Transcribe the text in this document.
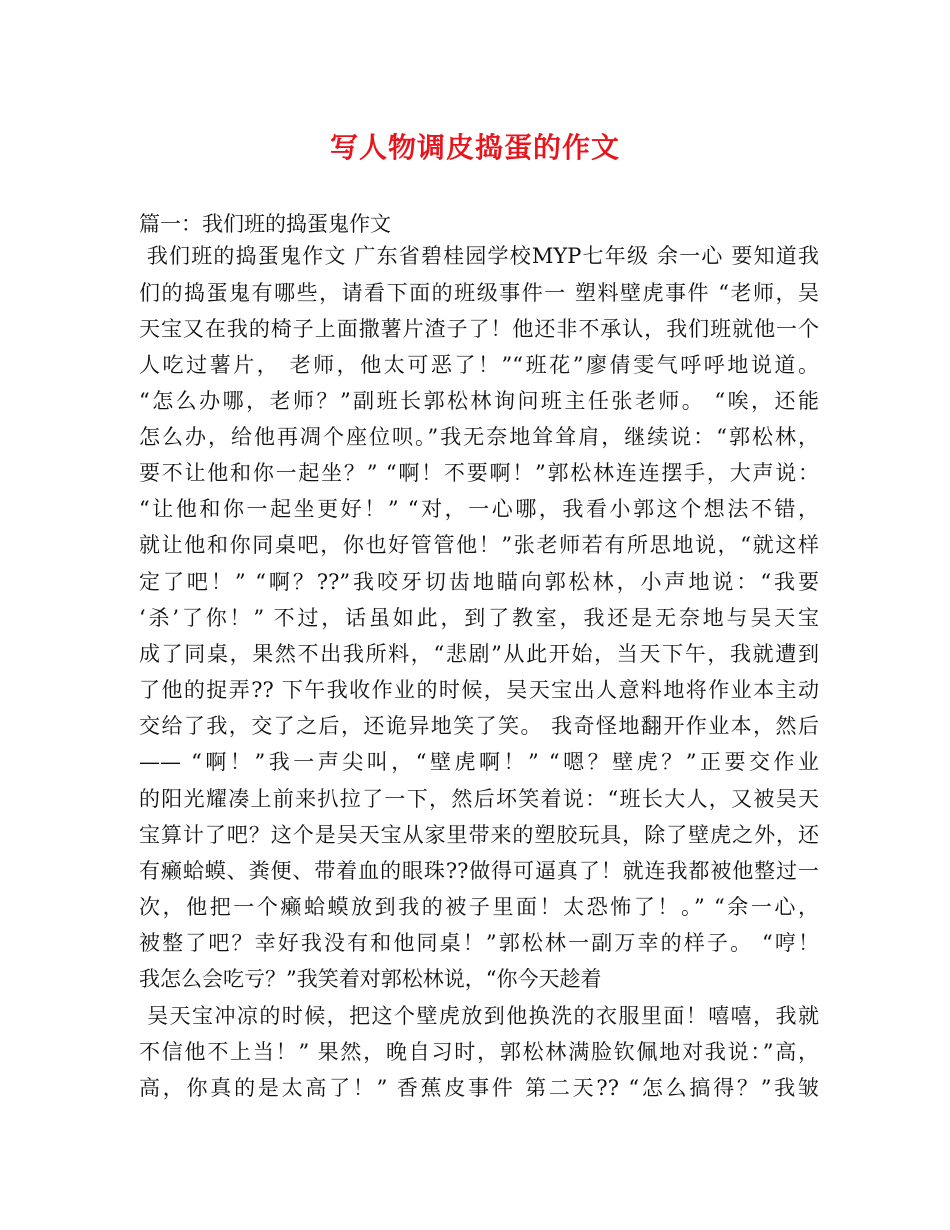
写人物调皮捣蛋的作文
篇一：我们班的捣蛋鬼作文
我们班的捣蛋鬼作文 广东省碧桂园学校MYP七年级 余一心 要知道我
们的捣蛋鬼有哪些，请看下面的班级事件一 塑料壁虎事件 “老师，吴
天宝又在我的椅子上面撒薯片渣子了！他还非不承认，我们班就他一个
人吃过薯片， 老师，他太可恶了！”“班花”廖倩雯气呼呼地说道。
“怎么办哪，老师？”副班长郭松林询问班主任张老师。 “唉，还能
怎么办，给他再凋个座位呗。”我无奈地耸耸肩，继续说：“郭松林，
要不让他和你一起坐？” “啊！不要啊！”郭松林连连摆手，大声说：
“让他和你一起坐更好！” “对，一心哪，我看小郭这个想法不错，
就让他和你同桌吧，你也好管管他！”张老师若有所思地说，“就这样
定了吧！” “啊？??”我咬牙切齿地瞄向郭松林，小声地说：“我要
‘杀’了你！” 不过，话虽如此，到了教室，我还是无奈地与吴天宝
成了同桌，果然不出我所料，“悲剧”从此开始，当天下午，我就遭到
了他的捉弄?? 下午我收作业的时候，吴天宝出人意料地将作业本主动
交给了我，交了之后，还诡异地笑了笑。 我奇怪地翻开作业本，然后
—— “啊！”我一声尖叫，“壁虎啊！” “嗯？壁虎？”正要交作业
的阳光耀凑上前来扒拉了一下，然后坏笑着说：“班长大人，又被吴天
宝算计了吧？这个是吴天宝从家里带来的塑胶玩具，除了壁虎之外，还
有癞蛤蟆、粪便、带着血的眼珠??做得可逼真了！就连我都被他整过一
次，他把一个癞蛤蟆放到我的被子里面！太恐怖了！。” “余一心，
被整了吧？幸好我没有和他同桌！”郭松林一副万幸的样子。 “哼！
我怎么会吃亏？”我笑着对郭松林说，“你今天趁着
吴天宝冲凉的时候，把这个壁虎放到他换洗的衣服里面！嘻嘻，我就
不信他不上当！” 果然，晚自习时，郭松林满脸钦佩地对我说：”高，
高，你真的是太高了！” 香蕉皮事件 第二天?? “怎么搞得？”我皱
